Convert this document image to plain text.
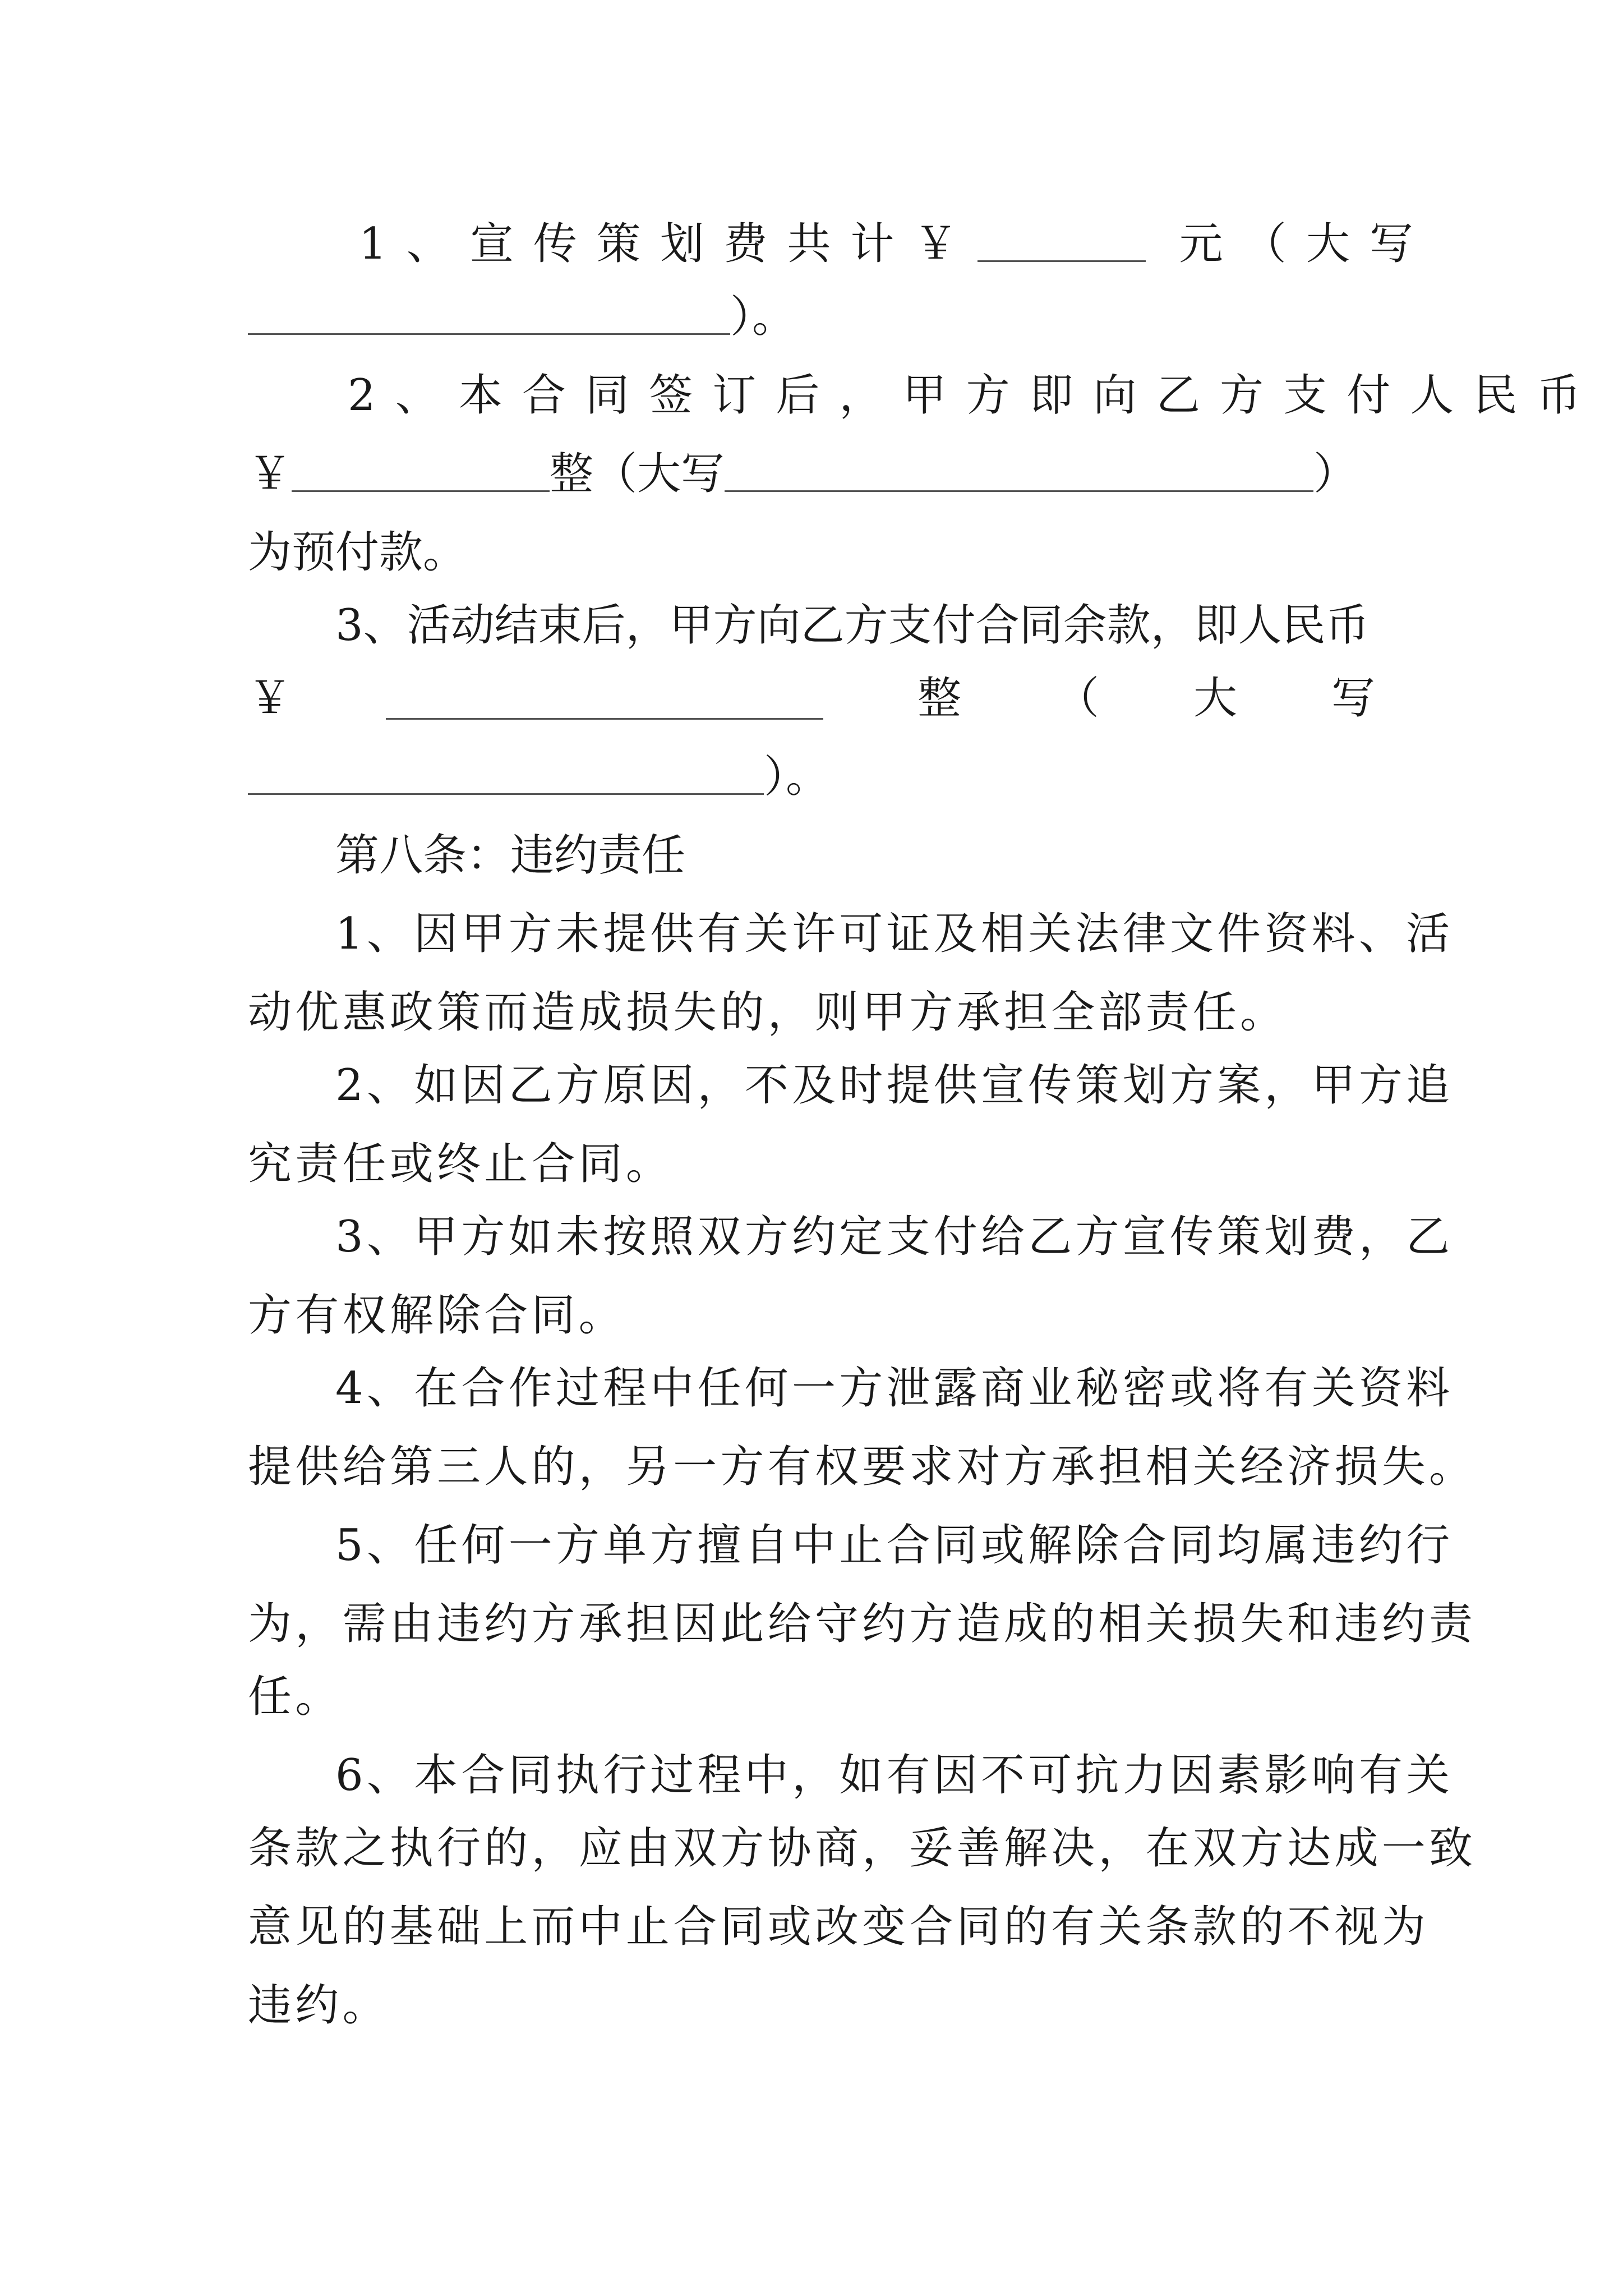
1、宣传策划费共计￥	元（大写
）。
2、本合同签订后，甲方即向乙方支付人民币
￥	整（大写	）
为预付款。
3、活动结束后，甲方向乙方支付合同余款，即人民币
￥	整 （ 大 写
）。
第八条：违约责任
1、因甲方未提供有关许可证及相关法律文件资料、活
动优惠政策而造成损失的，则甲方承担全部责任。
2、如因乙方原因，不及时提供宣传策划方案，甲方追
究责任或终止合同。
3、甲方如未按照双方约定支付给乙方宣传策划费，乙
方有权解除合同。
4、在合作过程中任何一方泄露商业秘密或将有关资料
提供给第三人的，另一方有权要求对方承担相关经济损失。
5、任何一方单方擅自中止合同或解除合同均属违约行
为，需由违约方承担因此给守约方造成的相关损失和违约责
任。
6、本合同执行过程中，如有因不可抗力因素影响有关
条款之执行的，应由双方协商，妥善解决，在双方达成一致
意见的基础上而中止合同或改变合同的有关条款的不视为
违约。
